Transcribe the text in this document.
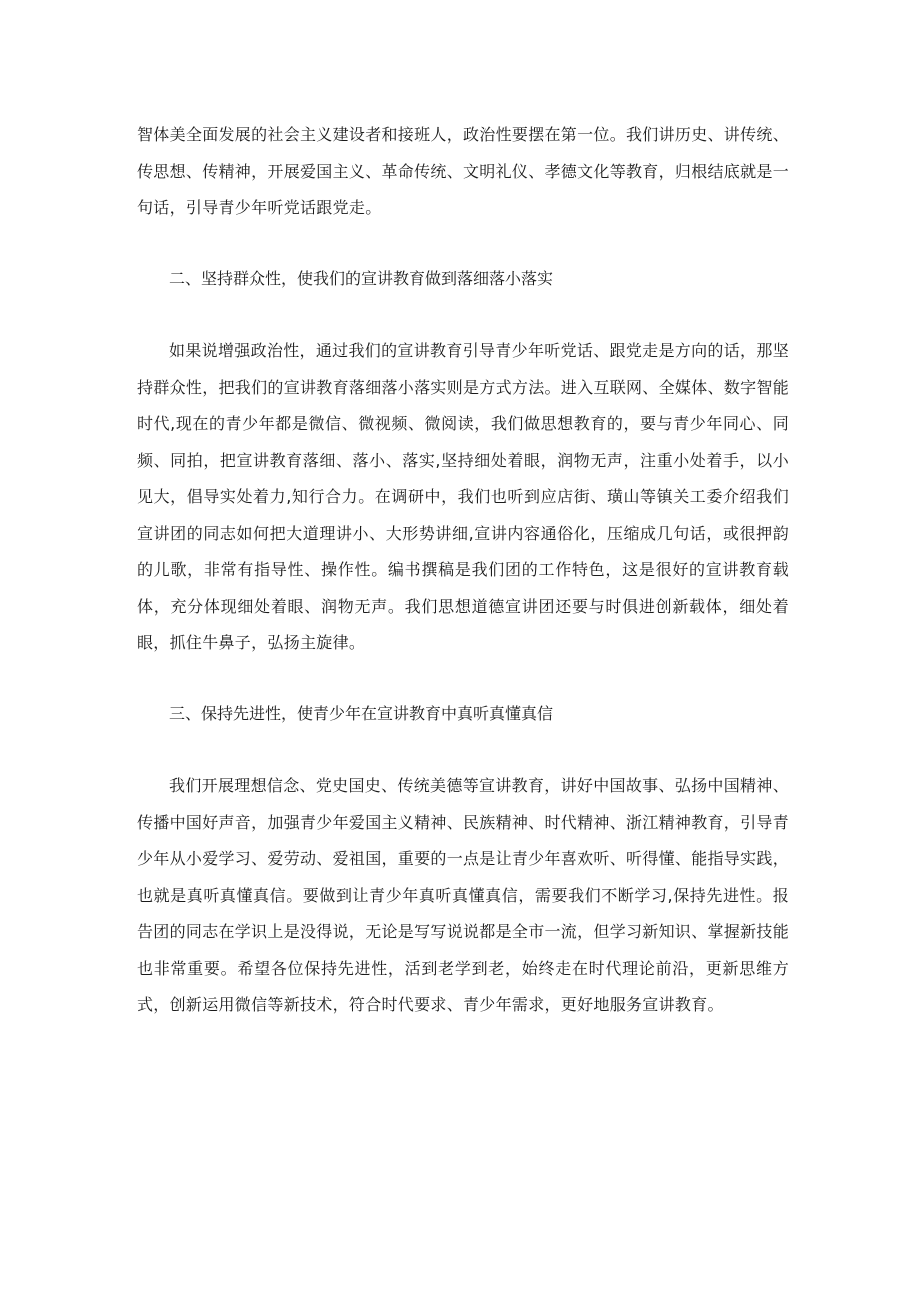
智体美全面发展的社会主义建设者和接班人，政治性要摆在第一位。我们讲历史、讲传统、传思想、传精神，开展爱国主义、革命传统、文明礼仪、孝德文化等教育，归根结底就是一句话，引导青少年听党话跟党走。

二、坚持群众性，使我们的宣讲教育做到落细落小落实

如果说增强政治性，通过我们的宣讲教育引导青少年听党话、跟党走是方向的话，那坚持群众性，把我们的宣讲教育落细落小落实则是方式方法。进入互联网、全媒体、数字智能时代,现在的青少年都是微信、微视频、微阅读，我们做思想教育的，要与青少年同心、同频、同拍，把宣讲教育落细、落小、落实,坚持细处着眼，润物无声，注重小处着手，以小见大，倡导实处着力,知行合力。在调研中，我们也听到应店街、璜山等镇关工委介绍我们宣讲团的同志如何把大道理讲小、大形势讲细,宣讲内容通俗化，压缩成几句话，或很押韵的儿歌，非常有指导性、操作性。编书撰稿是我们团的工作特色，这是很好的宣讲教育载体，充分体现细处着眼、润物无声。我们思想道德宣讲团还要与时俱进创新载体，细处着眼，抓住牛鼻子，弘扬主旋律。

三、保持先进性，使青少年在宣讲教育中真听真懂真信

我们开展理想信念、党史国史、传统美德等宣讲教育，讲好中国故事、弘扬中国精神、传播中国好声音，加强青少年爱国主义精神、民族精神、时代精神、浙江精神教育，引导青少年从小爱学习、爱劳动、爱祖国，重要的一点是让青少年喜欢听、听得懂、能指导实践，也就是真听真懂真信。要做到让青少年真听真懂真信，需要我们不断学习,保持先进性。报告团的同志在学识上是没得说，无论是写写说说都是全市一流，但学习新知识、掌握新技能也非常重要。希望各位保持先进性，活到老学到老，始终走在时代理论前沿，更新思维方式，创新运用微信等新技术，符合时代要求、青少年需求，更好地服务宣讲教育。
